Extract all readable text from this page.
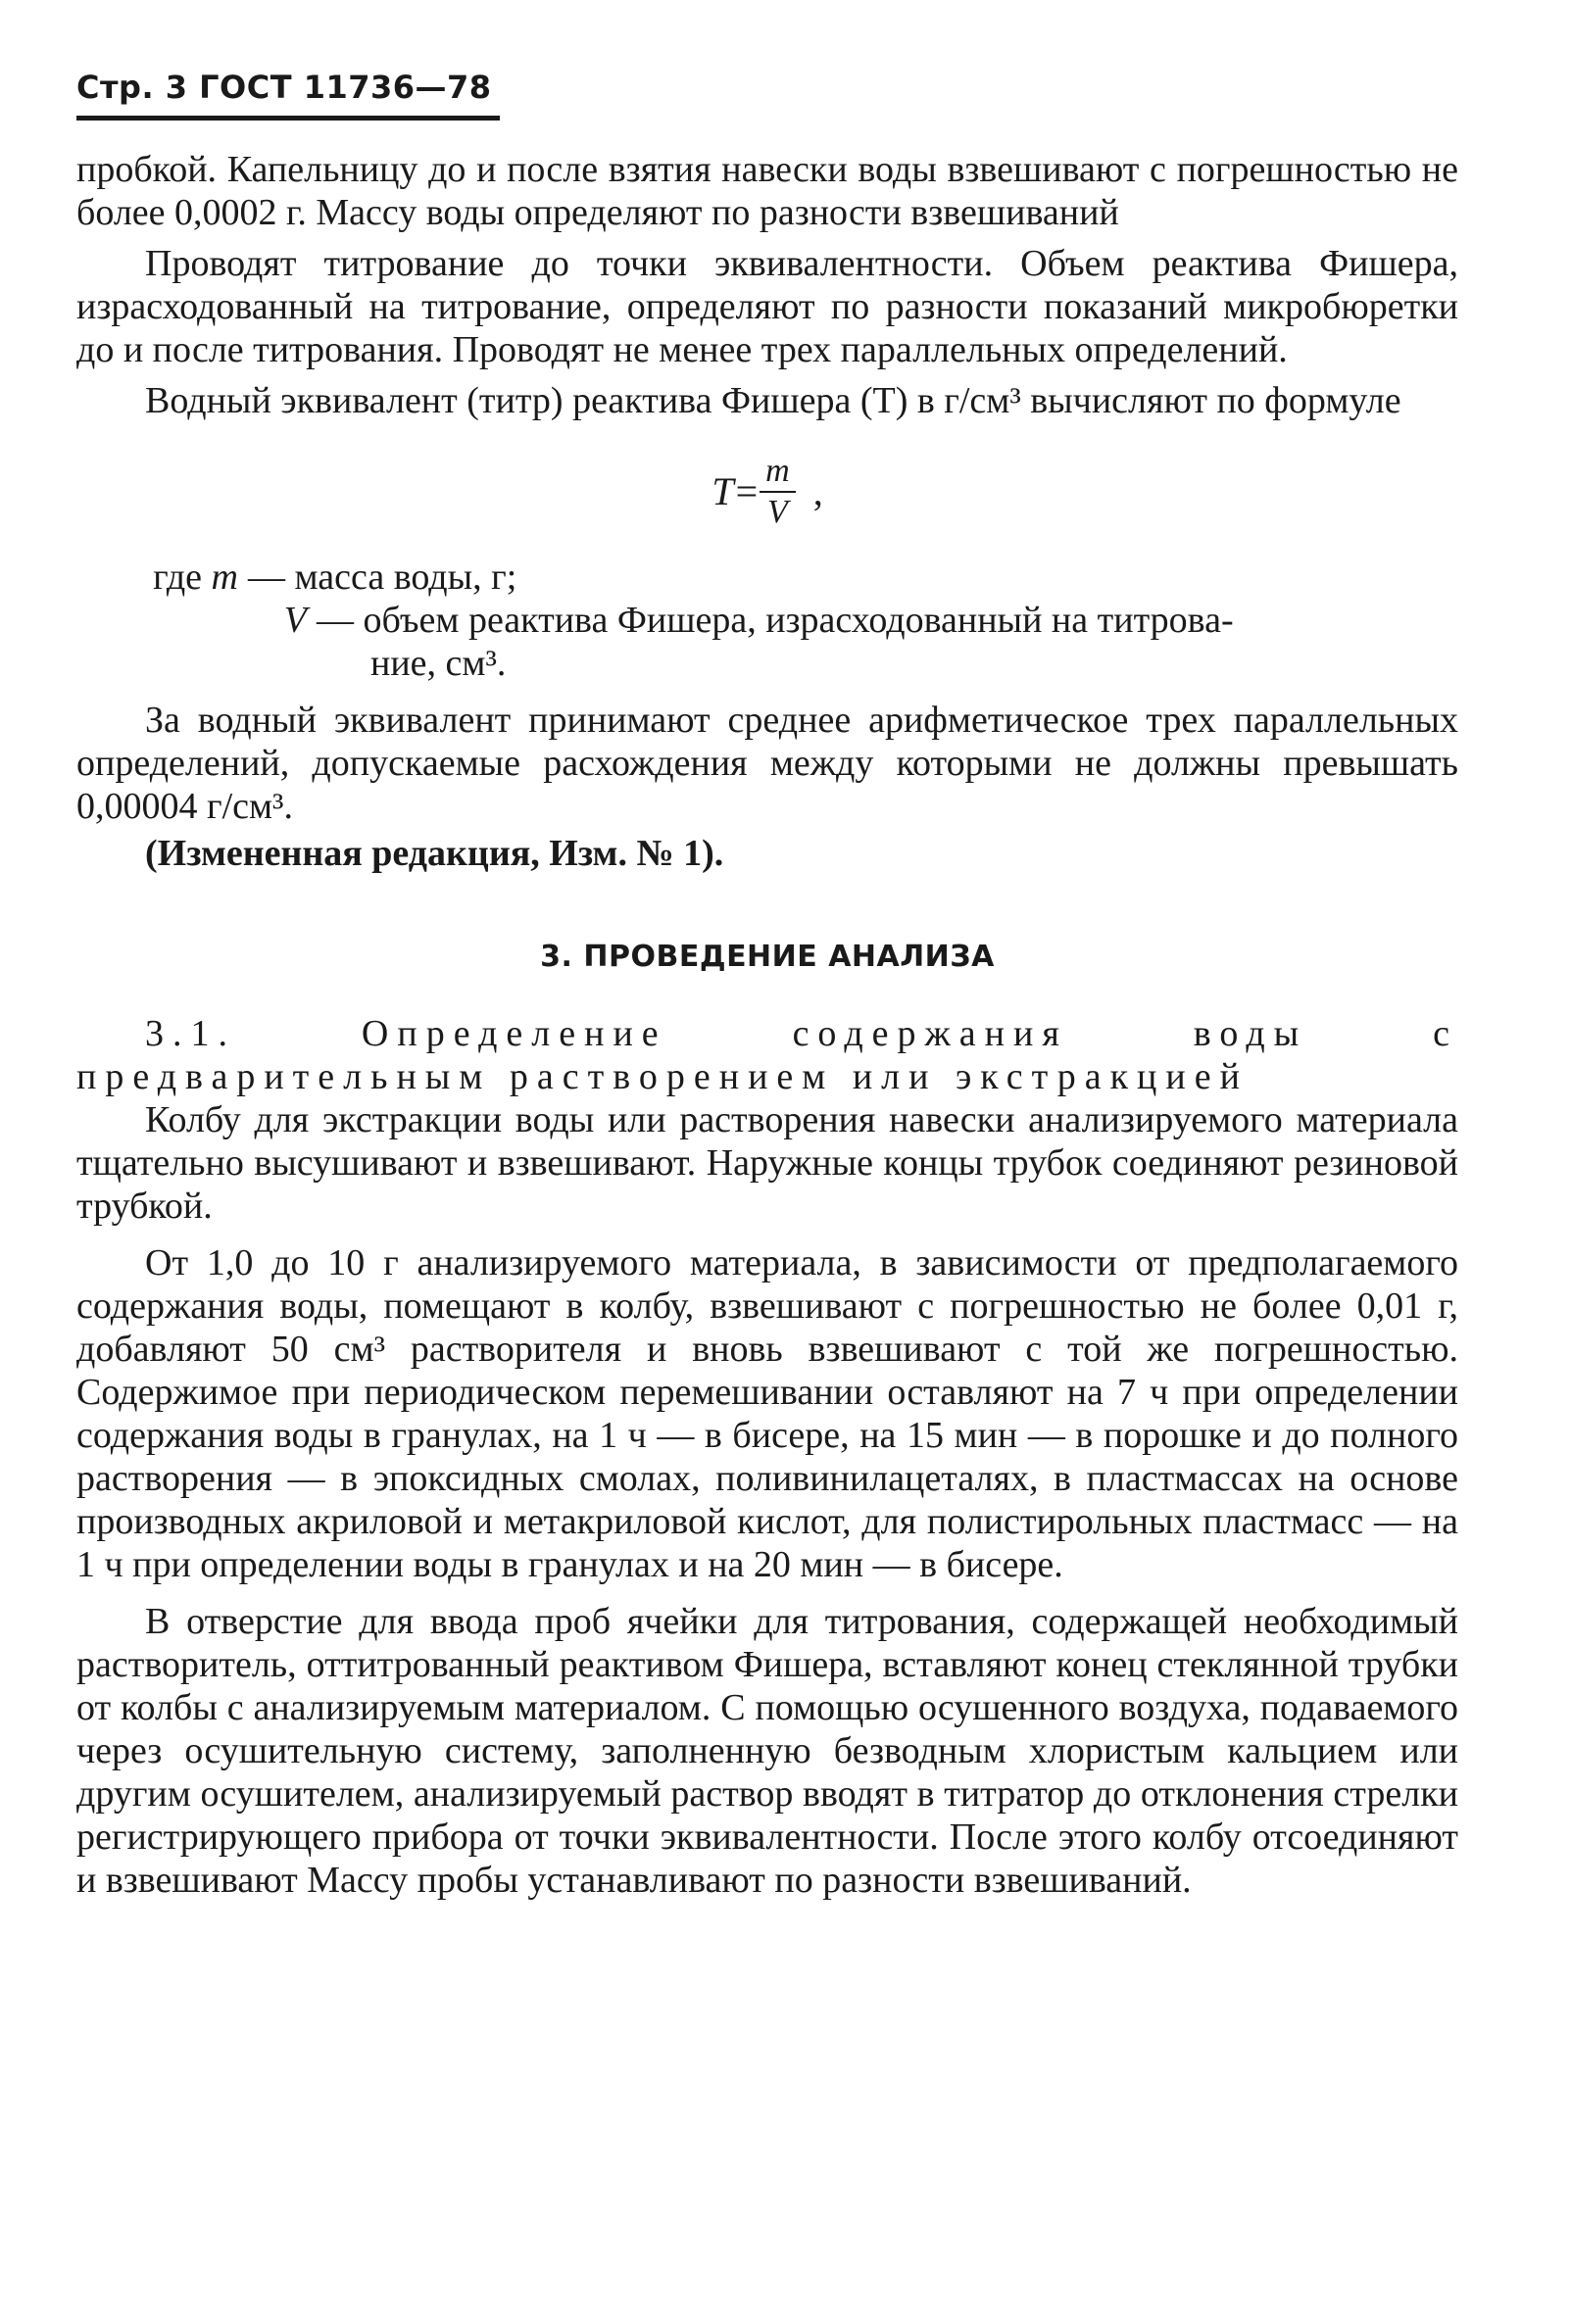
Стр. 3 ГОСТ 11736—78

пробкой. Капельницу до и после взятия навески воды взвешивают с погрешностью не более 0,0002 г. Массу воды определяют по разности взвешиваний

Проводят титрование до точки эквивалентности. Объем реактива Фишера, израсходованный на титрование, определяют по разности показаний микробюретки до и после титрования. Проводят не менее трех параллельных определений.

Водный эквивалент (титр) реактива Фишера (T) в г/см³ вычисляют по формуле

$T= \frac{m}{V}$ ,
где m — масса воды, г;
V — объем реактива Фишера, израсходованный на титрова-
ние, см³.

За водный эквивалент принимают среднее арифметическое трех параллельных определений, допускаемые расхождения между которыми не должны превышать 0,00004 г/см³.

(Измененная редакция, Изм. № 1).

3. ПРОВЕДЕНИЕ АНАЛИЗА

3.1. Определение содержания воды с предварительным растворением или экстракцией

Колбу для экстракции воды или растворения навески анализируемого материала тщательно высушивают и взвешивают. Наружные концы трубок соединяют резиновой трубкой.

От 1,0 до 10 г анализируемого материала, в зависимости от предполагаемого содержания воды, помещают в колбу, взвешивают с погрешностью не более 0,01 г, добавляют 50 см³ растворителя и вновь взвешивают с той же погрешностью. Содержимое при периодическом перемешивании оставляют на 7 ч при определении содержания воды в гранулах, на 1 ч — в бисере, на 15 мин — в порошке и до полного растворения — в эпоксидных смолах, поливинилацеталях, в пластмассах на основе производных акриловой и метакриловой кислот, для полистирольных пластмасс — на 1 ч при определении воды в гранулах и на 20 мин — в бисере.

В отверстие для ввода проб ячейки для титрования, содержащей необходимый растворитель, оттитрованный реактивом Фишера, вставляют конец стеклянной трубки от колбы с анализируемым материалом. С помощью осушенного воздуха, подаваемого через осушительную систему, заполненную безводным хлористым кальцием или другим осушителем, анализируемый раствор вводят в титратор до отклонения стрелки регистрирующего прибора от точки эквивалентности. После этого колбу отсоединяют и взвешивают Массу пробы устанавливают по разности взвешиваний.
